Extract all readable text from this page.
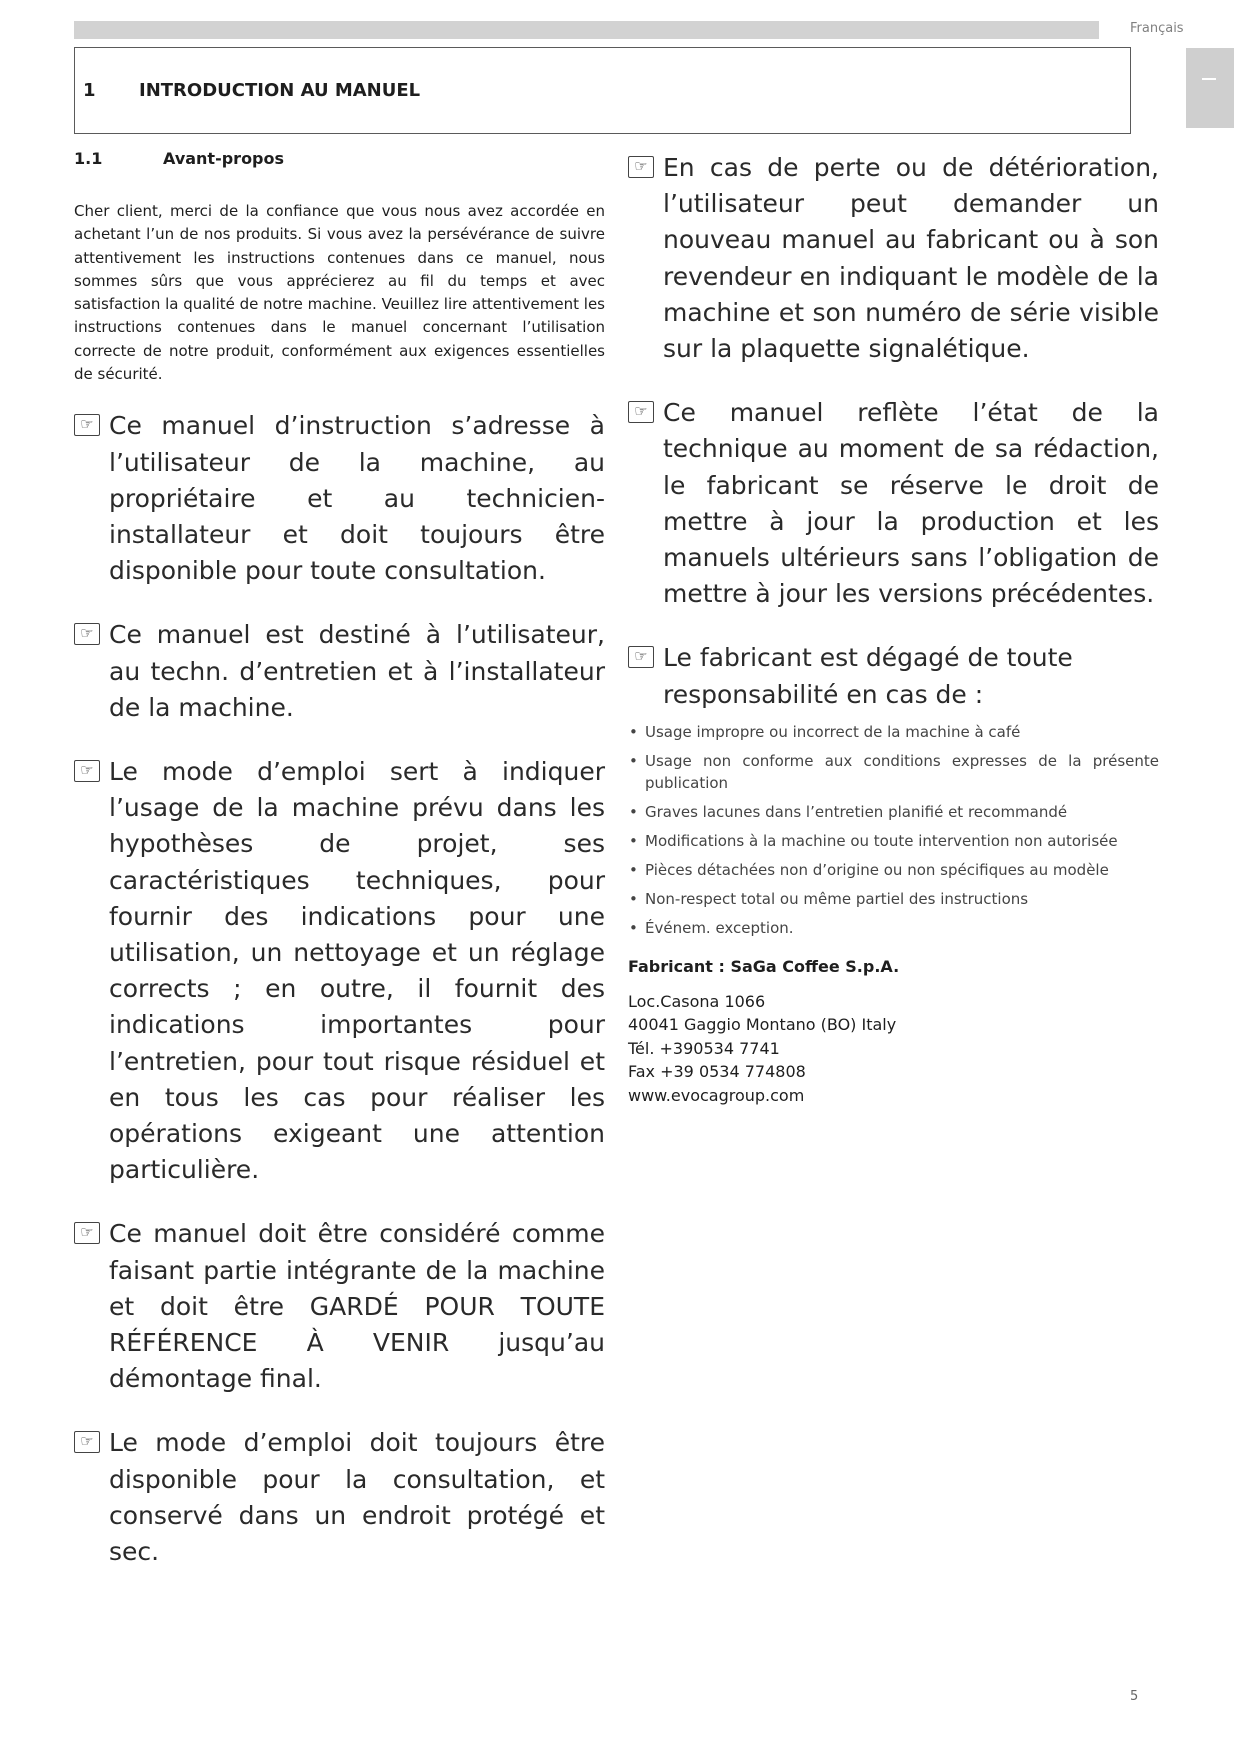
Français
1 INTRODUCTION AU MANUEL
1.1	Avant-propos

Cher client, merci de la confiance que vous nous avez accordée en achetant l’un de nos produits. Si vous avez la persévérance de suivre attentivement les instructions contenues dans ce manuel, nous sommes sûrs que vous apprécierez au fil du temps et avec satisfaction la qualité de notre machine. Veuillez lire attentivement les instructions contenues dans le manuel concernant l’utilisation correcte de notre produit, conformément aux exigences essentielles de sécurité.

☞ Ce manuel d’instruction s’adresse à l’utilisateur de la machine, au propriétaire et au technicien-installateur et doit toujours être disponible pour toute consultation.

☞ Ce manuel est destiné à l’utilisateur, au techn. d’entretien et à l’installateur de la machine.

☞ Le mode d’emploi sert à indiquer l’usage de la machine prévu dans les hypothèses de projet, ses caractéristiques techniques, pour fournir des indications pour une utilisation, un nettoyage et un réglage corrects ; en outre, il fournit des indications importantes pour l’entretien, pour tout risque résiduel et en tous les cas pour réaliser les opérations exigeant une attention particulière.

☞ Ce manuel doit être considéré comme faisant partie intégrante de la machine et doit être GARDÉ POUR TOUTE RÉFÉRENCE À VENIR jusqu’au démontage final.

☞ Le mode d’emploi doit toujours être disponible pour la consultation, et conservé dans un endroit protégé et sec.

☞ En cas de perte ou de détérioration, l’utilisateur peut demander un nouveau manuel au fabricant ou à son revendeur en indiquant le modèle de la machine et son numéro de série visible sur la plaquette signalétique.

☞ Ce manuel reflète l’état de la technique au moment de sa rédaction, le fabricant se réserve le droit de mettre à jour la production et les manuels ultérieurs sans l’obligation de mettre à jour les versions précédentes.

☞ Le fabricant est dégagé de toute responsabilité en cas de :

• Usage impropre ou incorrect de la machine à café
• Usage non conforme aux conditions expresses de la présente publication
• Graves lacunes dans l’entretien planifié et recommandé
• Modifications à la machine ou toute intervention non autorisée
• Pièces détachées non d’origine ou non spécifiques au modèle
• Non-respect total ou même partiel des instructions
• Événem. exception.

Fabricant : SaGa Coffee S.p.A.

Loc.Casona 1066

40041 Gaggio Montano (BO) Italy

Tél. +390534 7741

Fax +39 0534 774808

www.evocagroup.com

5
